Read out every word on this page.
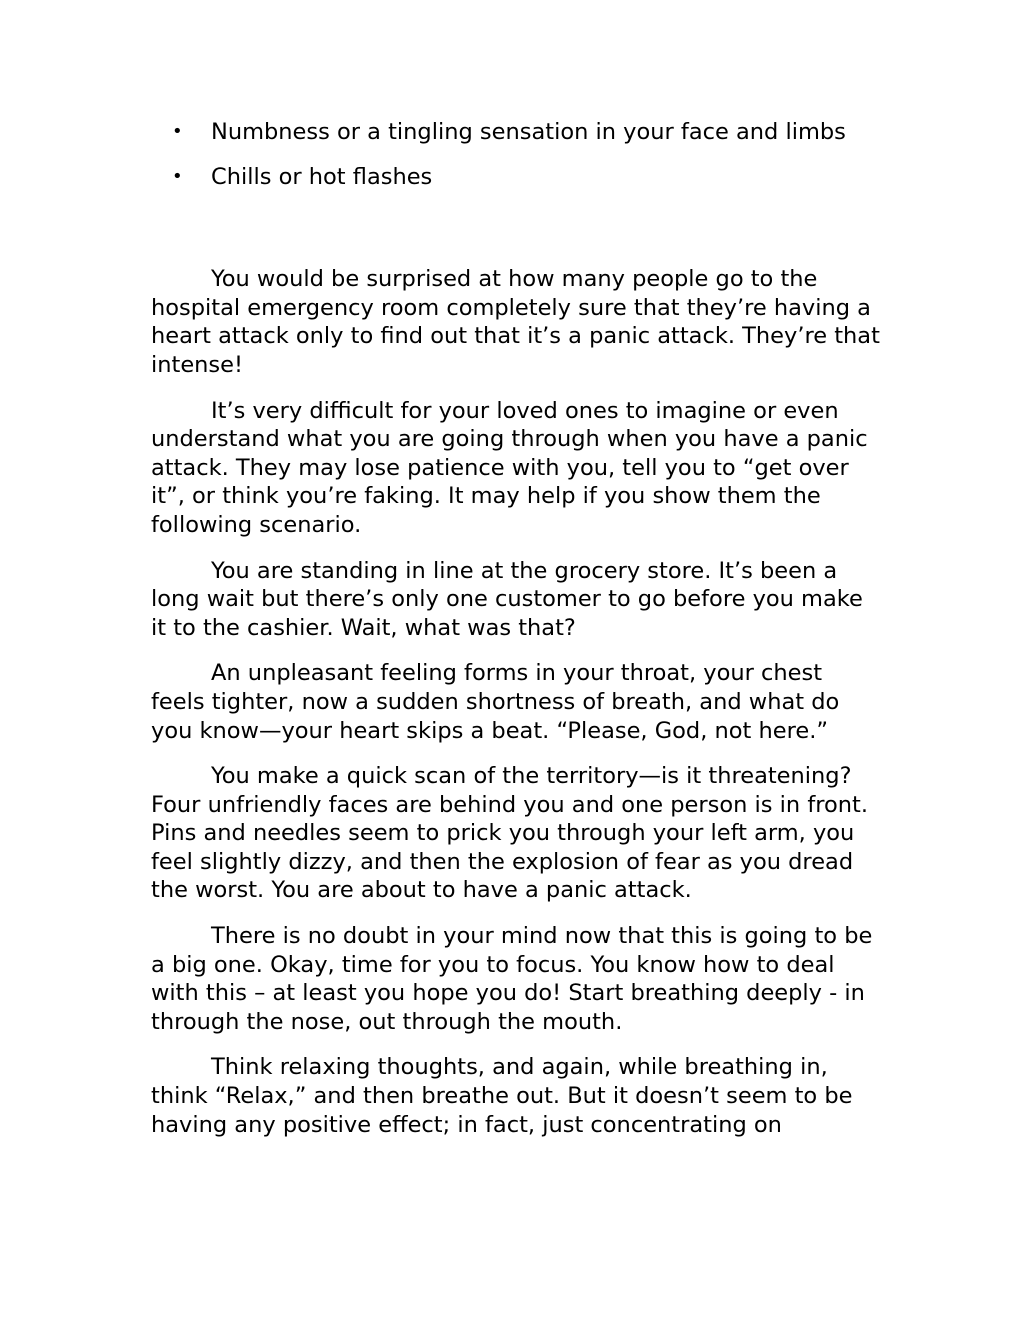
• Numbness or a tingling sensation in your face and limbs
• Chills or hot flashes

You would be surprised at how many people go to the hospital emergency room completely sure that they’re having a heart attack only to find out that it’s a panic attack. They’re that intense!

It’s very difficult for your loved ones to imagine or even understand what you are going through when you have a panic attack. They may lose patience with you, tell you to “get over it”, or think you’re faking. It may help if you show them the following scenario.

You are standing in line at the grocery store. It’s been a long wait but there’s only one customer to go before you make it to the cashier. Wait, what was that?

An unpleasant feeling forms in your throat, your chest feels tighter, now a sudden shortness of breath, and what do you know—your heart skips a beat. “Please, God, not here.”

You make a quick scan of the territory—is it threatening? Four unfriendly faces are behind you and one person is in front. Pins and needles seem to prick you through your left arm, you feel slightly dizzy, and then the explosion of fear as you dread the worst. You are about to have a panic attack.

There is no doubt in your mind now that this is going to be a big one. Okay, time for you to focus. You know how to deal with this – at least you hope you do! Start breathing deeply - in through the nose, out through the mouth.

Think relaxing thoughts, and again, while breathing in, think “Relax,” and then breathe out. But it doesn’t seem to be having any positive effect; in fact, just concentrating on
